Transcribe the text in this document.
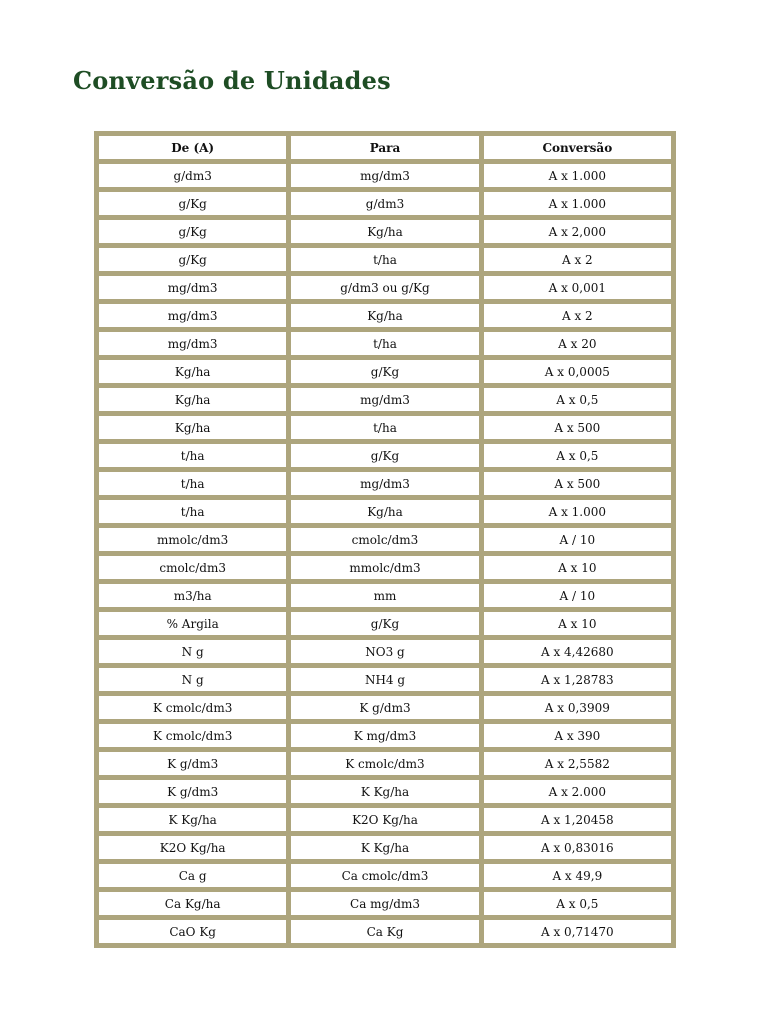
Conversão de Unidades
De (A)	Para	Conversão
g/dm3	mg/dm3	A x 1.000
g/Kg	g/dm3	A x 1.000
g/Kg	Kg/ha	A x 2,000
g/Kg	t/ha	A x 2
mg/dm3	g/dm3 ou g/Kg	A x 0,001
mg/dm3	Kg/ha	A x 2
mg/dm3	t/ha	A x 20
Kg/ha	g/Kg	A x 0,0005
Kg/ha	mg/dm3	A x 0,5
Kg/ha	t/ha	A x 500
t/ha	g/Kg	A x 0,5
t/ha	mg/dm3	A x 500
t/ha	Kg/ha	A x 1.000
mmolc/dm3	cmolc/dm3	A / 10
cmolc/dm3	mmolc/dm3	A x 10
m3/ha	mm	A / 10
% Argila	g/Kg	A x 10
N g	NO3 g	A x 4,42680
N g	NH4 g	A x 1,28783
K cmolc/dm3	K g/dm3	A x 0,3909
K cmolc/dm3	K mg/dm3	A x 390
K g/dm3	K cmolc/dm3	A x 2,5582
K g/dm3	K Kg/ha	A x 2.000
K Kg/ha	K2O Kg/ha	A x 1,20458
K2O Kg/ha	K Kg/ha	A x 0,83016
Ca g	Ca cmolc/dm3	A x 49,9
Ca Kg/ha	Ca mg/dm3	A x 0,5
CaO Kg	Ca Kg	A x 0,71470
